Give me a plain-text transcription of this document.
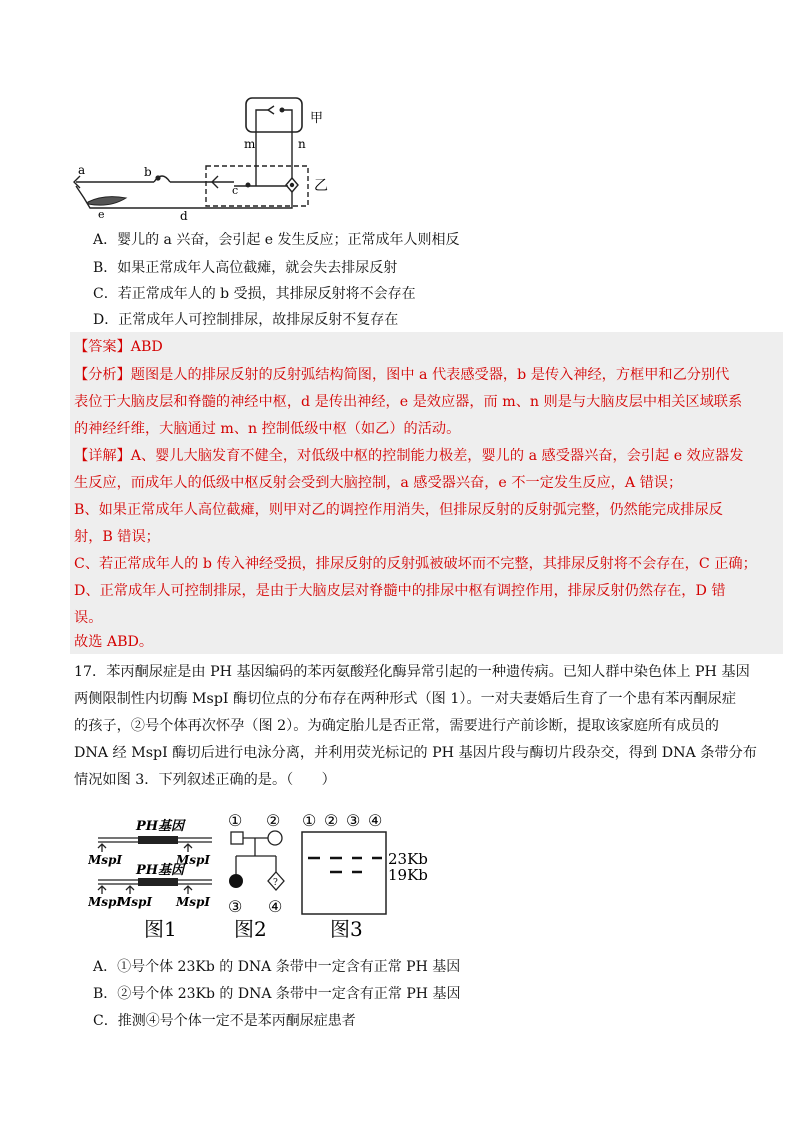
a	b
c
d
e
m	n
甲
乙
A．婴儿的 a 兴奋，会引起 e 发生反应；正常成年人则相反
B．如果正常成年人高位截瘫，就会失去排尿反射
C．若正常成年人的 b 受损，其排尿反射将不会存在
D．正常成年人可控制排尿，故排尿反射不复存在
【答案】ABD
【分析】题图是人的排尿反射的反射弧结构简图，图中 a 代表感受器，b 是传入神经，方框甲和乙分别代
表位于大脑皮层和脊髓的神经中枢，d 是传出神经，e 是效应器，而 m、n 则是与大脑皮层中相关区域联系
的神经纤维，大脑通过 m、n 控制低级中枢（如乙）的活动。
【详解】A、婴儿大脑发育不健全，对低级中枢的控制能力极差，婴儿的 a 感受器兴奋，会引起 e 效应器发
生反应，而成年人的低级中枢反射会受到大脑控制，a 感受器兴奋，e 不一定发生反应，A 错误；
B、如果正常成年人高位截瘫，则甲对乙的调控作用消失，但排尿反射的反射弧完整，仍然能完成排尿反
射，B 错误；
C、若正常成年人的 b 传入神经受损，排尿反射的反射弧被破坏而不完整，其排尿反射将不会存在，C 正确；
D、正常成年人可控制排尿，是由于大脑皮层对脊髓中的排尿中枢有调控作用，排尿反射仍然存在，D 错
误。
故选 ABD。
17．苯丙酮尿症是由 PH 基因编码的苯丙氨酸羟化酶异常引起的一种遗传病。已知人群中染色体上 PH 基因
两侧限制性内切酶 MspI 酶切位点的分布存在两种形式（图 1）。一对夫妻婚后生育了一个患有苯丙酮尿症
的孩子，②号个体再次怀孕（图 2）。为确定胎儿是否正常，需要进行产前诊断，提取该家庭所有成员的
DNA 经 MspI 酶切后进行电泳分离，并利用荧光标记的 PH 基因片段与酶切片段杂交，得到 DNA 条带分布
情况如图 3．下列叙述正确的是。（　　）
PH基因
MspI	MspI
PH基因
MspI
MspI MspI
图1
① ②
?
③ ④
图2
① ② ③ ④
23Kb
19Kb
图3
A．①号个体 23Kb 的 DNA 条带中一定含有正常 PH 基因
B．②号个体 23Kb 的 DNA 条带中一定含有正常 PH 基因
C．推测④号个体一定不是苯丙酮尿症患者
